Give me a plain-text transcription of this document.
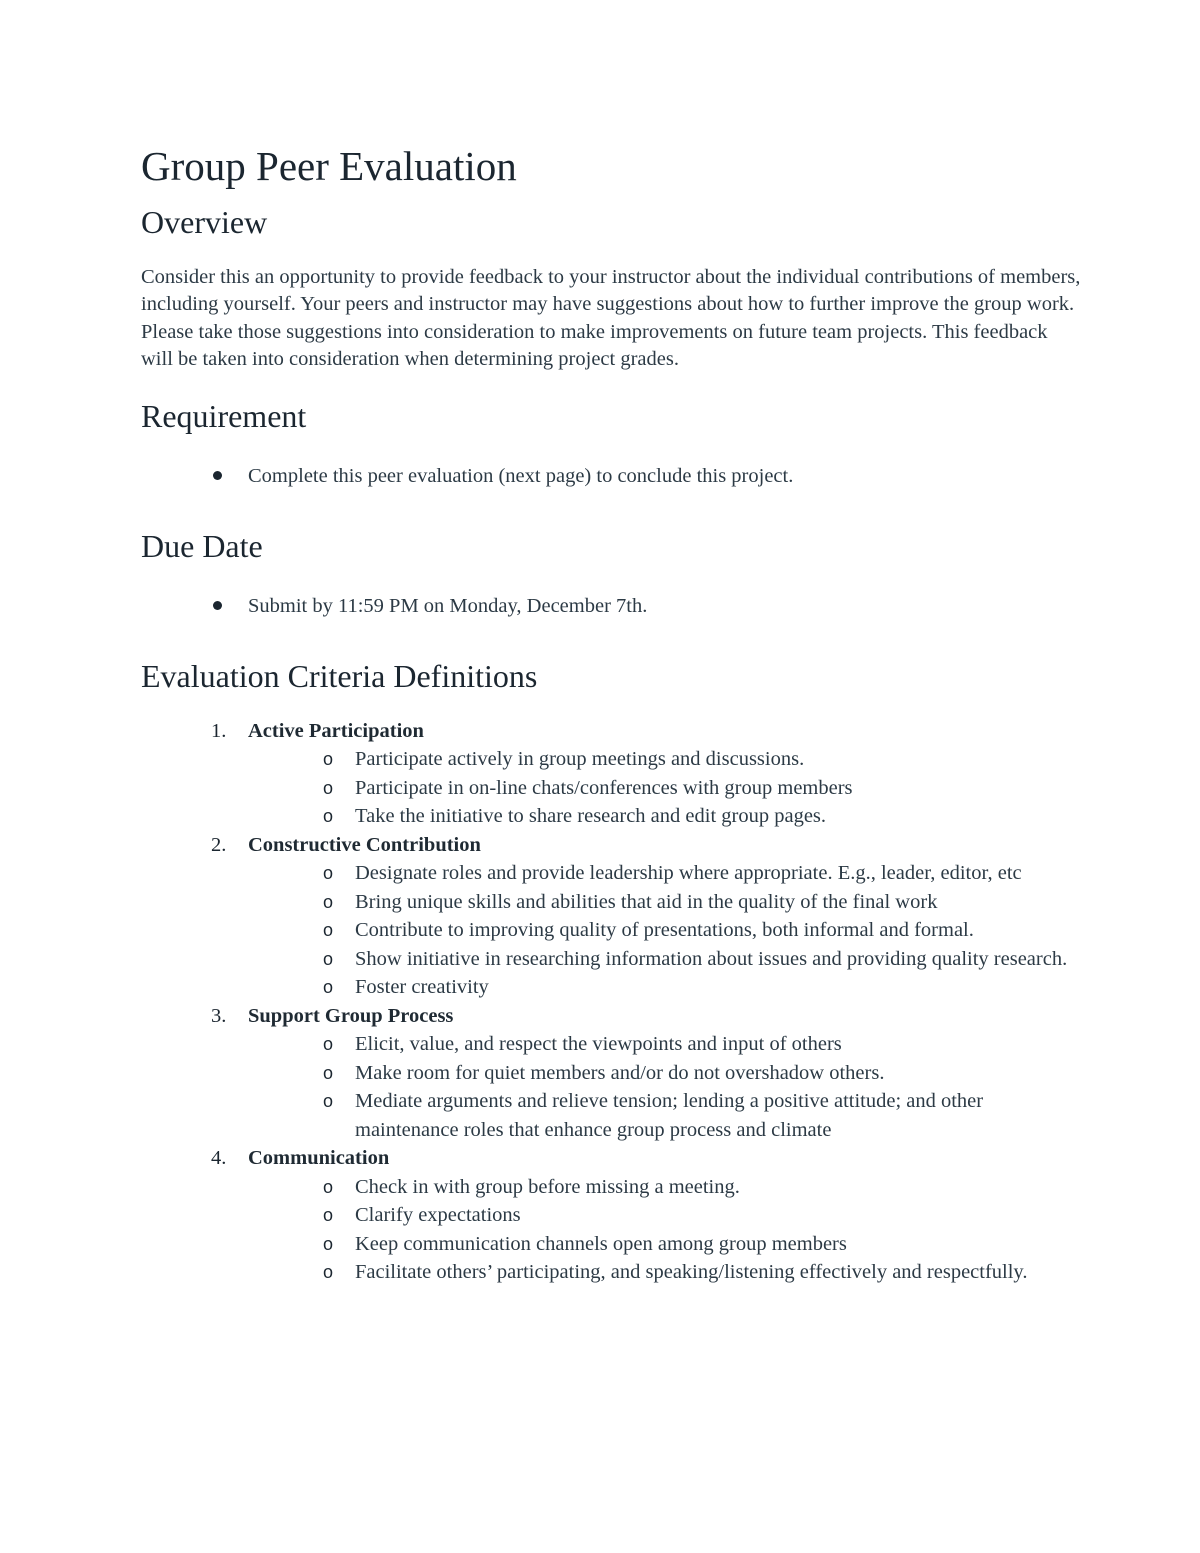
Group Peer Evaluation
Overview

Consider this an opportunity to provide feedback to your instructor about the individual contributions of members, including yourself. Your peers and instructor may have suggestions about how to further improve the group work. Please take those suggestions into consideration to make improvements on future team projects. This feedback will be taken into consideration when determining project grades.

Requirement
Complete this peer evaluation (next page) to conclude this project.
Due Date
Submit by 11:59 PM on Monday, December 7th.
Evaluation Criteria Definitions
1. Active Participation
o Participate actively in group meetings and discussions.
o Participate in on-line chats/conferences with group members
o Take the initiative to share research and edit group pages.
2. Constructive Contribution
o Designate roles and provide leadership where appropriate. E.g., leader, editor, etc
o Bring unique skills and abilities that aid in the quality of the final work
o Contribute to improving quality of presentations, both informal and formal.
o Show initiative in researching information about issues and providing quality research.
o Foster creativity
3. Support Group Process
o Elicit, value, and respect the viewpoints and input of others
o Make room for quiet members and/or do not overshadow others.
o Mediate arguments and relieve tension; lending a positive attitude; and other maintenance roles that enhance group process and climate
4. Communication
o Check in with group before missing a meeting.
o Clarify expectations
o Keep communication channels open among group members
o Facilitate others’ participating, and speaking/listening effectively and respectfully.
